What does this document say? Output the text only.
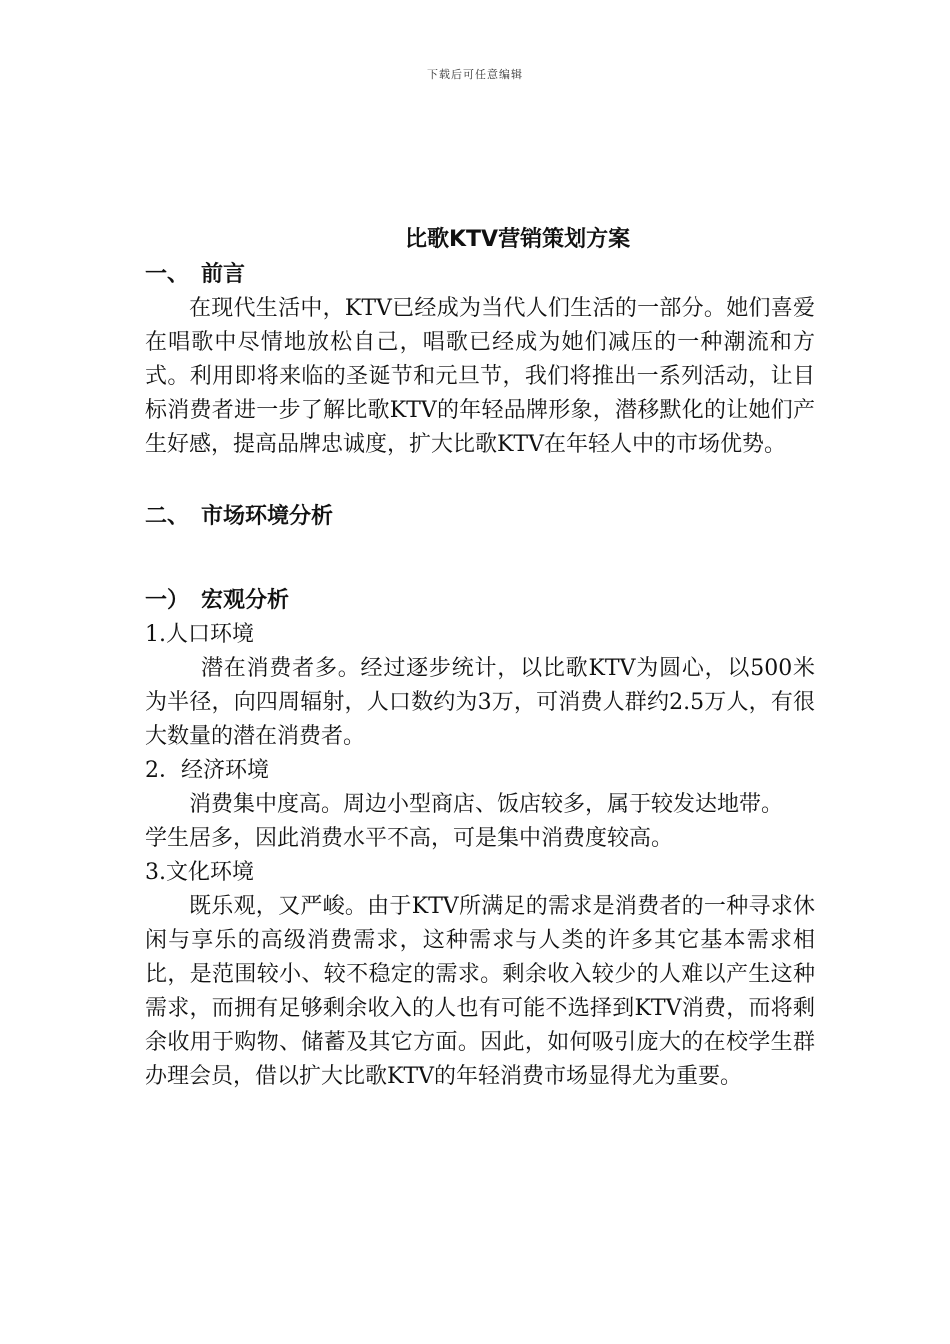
下载后可任意编辑
比歌KTV营销策划方案

一、 前言

在现代生活中，KTV已经成为当代人们生活的一部分。她们喜爱在唱歌中尽情地放松自己，唱歌已经成为她们减压的一种潮流和方式。利用即将来临的圣诞节和元旦节，我们将推出一系列活动，让目标消费者进一步了解比歌KTV的年轻品牌形象，潜移默化的让她们产生好感，提高品牌忠诚度，扩大比歌KTV在年轻人中的市场优势。

二、 市场环境分析

一） 宏观分析

1.人口环境

潜在消费者多。经过逐步统计，以比歌KTV为圆心，以500米为半径，向四周辐射，人口数约为3万，可消费人群约2.5万人，有很大数量的潜在消费者。

2．经济环境

消费集中度高。周边小型商店、饭店较多，属于较发达地带。

学生居多，因此消费水平不高，可是集中消费度较高。

3.文化环境

既乐观，又严峻。由于KTV所满足的需求是消费者的一种寻求休闲与享乐的高级消费需求，这种需求与人类的许多其它基本需求相比，是范围较小、较不稳定的需求。剩余收入较少的人难以产生这种需求，而拥有足够剩余收入的人也有可能不选择到KTV消费，而将剩余收用于购物、储蓄及其它方面。因此，如何吸引庞大的在校学生群办理会员，借以扩大比歌KTV的年轻消费市场显得尤为重要。
